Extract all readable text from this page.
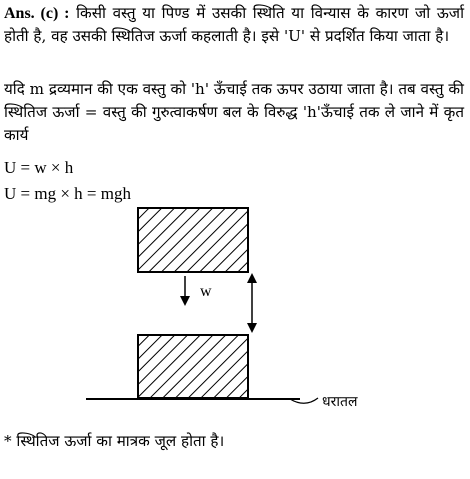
Ans. (c) : किसी वस्तु या पिण्ड में उसकी स्थिति या विन्यास के कारण जो ऊर्जा होती है, वह उसकी स्थितिज ऊर्जा कहलाती है। इसे 'U' से प्रदर्शित किया जाता है।
यदि m द्रव्यमान की एक वस्तु को 'h' ऊँचाई तक ऊपर उठाया जाता है। तब वस्तु की स्थितिज ऊर्जा = वस्तु की गुरुत्वाकर्षण बल के विरुद्ध 'h'ऊँचाई तक ले जाने में कृत कार्य
U = w × h
U = mg × h = mgh
w
धरातल
* स्थितिज ऊर्जा का मात्रक जूल होता है।
